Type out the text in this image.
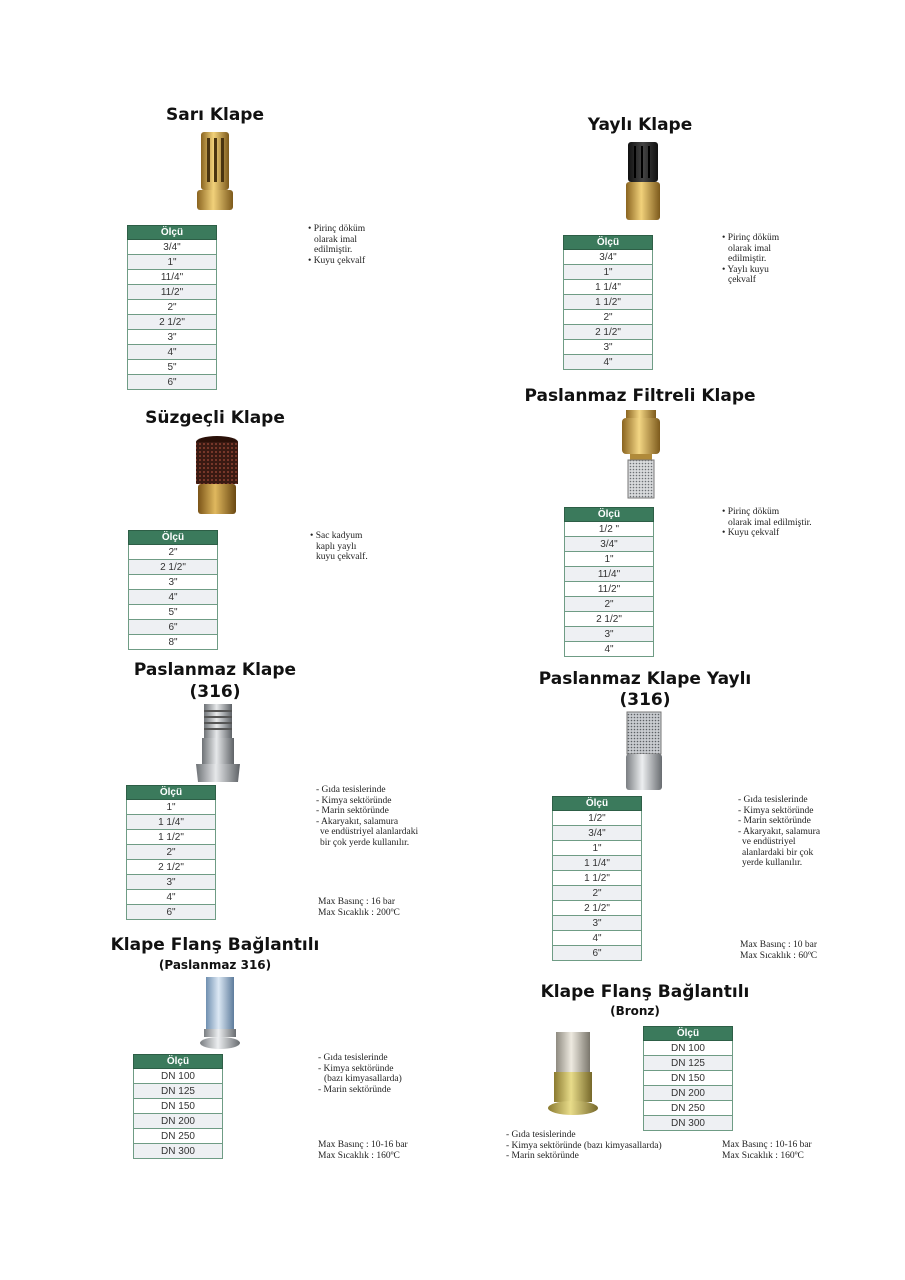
Sarı Klape
Ölçü
3/4"
1"
11/4"
11/2"
2"
2 1/2"
3"
4"
5"
6"
• Pirinç döküm
olarak imal
edilmiştir.
• Kuyu çekvalf
Yaylı Klape
Ölçü
3/4"
1"
1 1/4"
1 1/2"
2"
2 1/2"
3"
4"
• Pirinç döküm
olarak imal
edilmiştir.
• Yaylı kuyu
çekvalf
Süzgeçli Klape
Ölçü
2"
2 1/2"
3"
4"
5"
6"
8"
• Sac kadyum
kaplı yaylı
kuyu çekvalf.
Paslanmaz Filtreli Klape
Ölçü
1/2 "
3/4"
1"
11/4"
11/2"
2"
2 1/2"
3"
4"
• Pirinç döküm
olarak imal edilmiştir.
• Kuyu çekvalf
Paslanmaz Klape
(316)
Ölçü
1"
1 1/4"
1 1/2"
2"
2 1/2"
3"
4"
6"
- Gıda tesislerinde
- Kimya sektöründe
- Marin sektöründe
- Akaryakıt, salamura
ve endüstriyel alanlardaki
bir çok yerde kullanılır.
Max Basınç : 16 bar
Max Sıcaklık : 200ºC
Paslanmaz Klape Yaylı
(316)
Ölçü
1/2"
3/4"
1"
1 1/4"
1 1/2"
2"
2 1/2"
3"
4"
6"
- Gıda tesislerinde
- Kimya sektöründe
- Marin sektöründe
- Akaryakıt, salamura
ve endüstriyel
alanlardaki bir çok
yerde kullanılır.
Max Basınç : 10 bar
Max Sıcaklık : 60ºC
Klape Flanş Bağlantılı
(Paslanmaz 316)
Ölçü
DN 100
DN 125
DN 150
DN 200
DN 250
DN 300
- Gıda tesislerinde
- Kimya sektöründe
(bazı kimyasallarda)
- Marin sektöründe
Max Basınç : 10-16 bar
Max Sıcaklık : 160ºC
Klape Flanş Bağlantılı
(Bronz)
Ölçü
DN 100
DN 125
DN 150
DN 200
DN 250
DN 300
- Gıda tesislerinde
- Kimya sektöründe (bazı kimyasallarda)
- Marin sektöründe
Max Basınç : 10-16 bar
Max Sıcaklık : 160ºC
